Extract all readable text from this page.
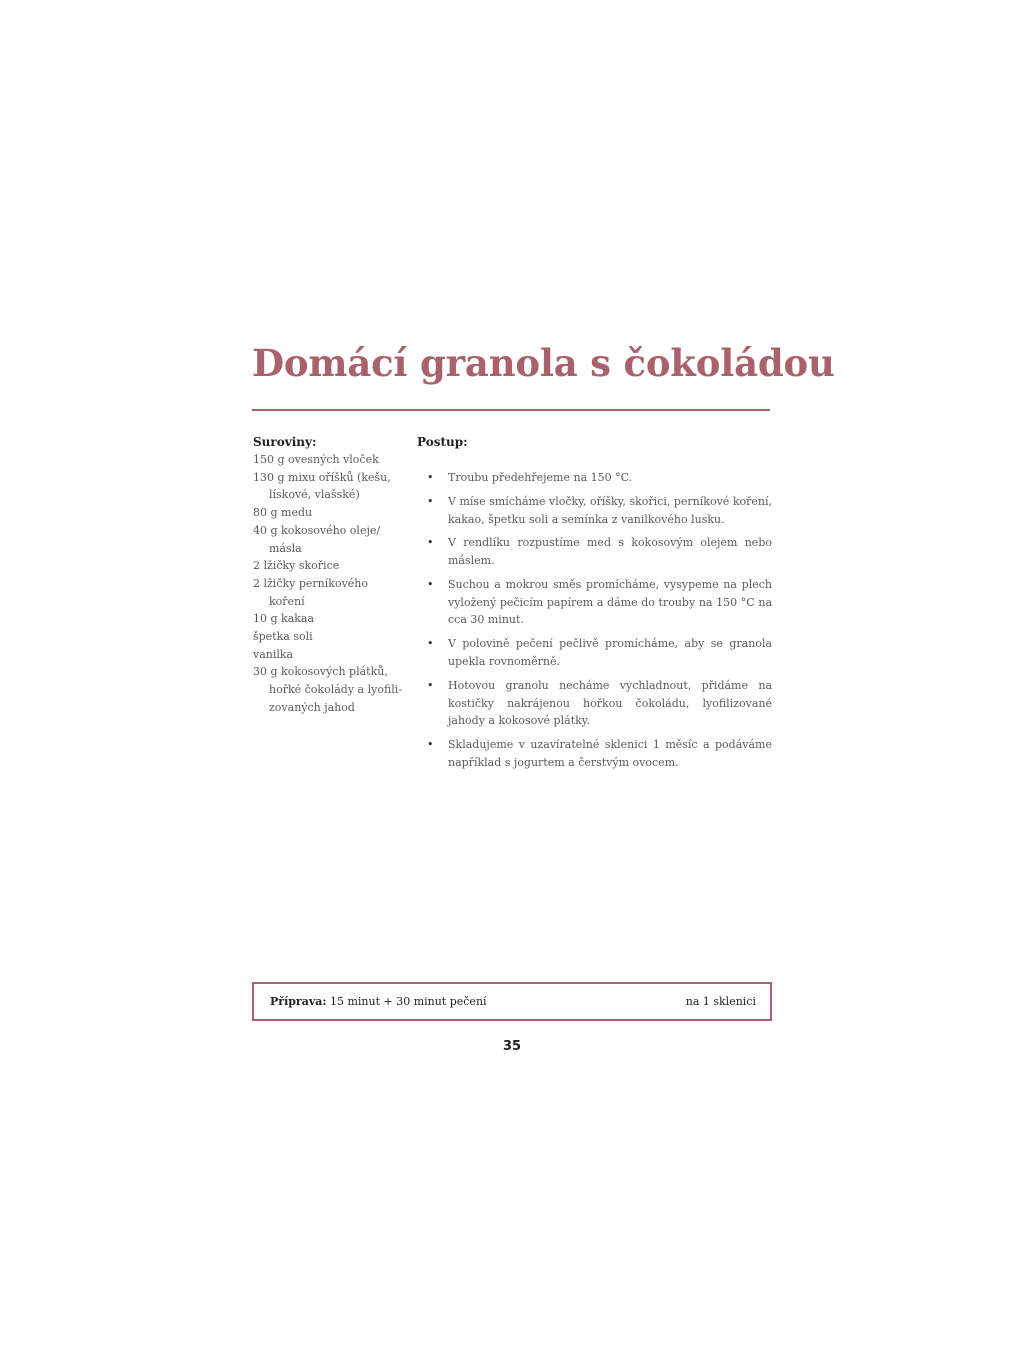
Domácí granola s čokoládou
Suroviny:
150 g ovesných vloček
130 g mixu oříšků (kešu, lískové, vlašské)
80 g medu
40 g kokosového oleje/ másla
2 lžičky skořice
2 lžičky perníkového koření
10 g kakaa
špetka soli
vanilka
30 g kokosových plátků, hořké čokolády a lyofilizovaných jahod
Postup:
• Troubu předehřejeme na 150 °C.
• V míse smícháme vločky, oříšky, skořici, perníkové koření, kakao, špetku soli a semínka z vanilkového lusku.
• V rendlíku rozpustíme med s kokosovým olejem nebo máslem.
• Suchou a mokrou směs promícháme, vysypeme na plech vyložený pečicím papírem a dáme do trouby na 150 °C na cca 30 minut.
• V polovině pečení pečlivě promícháme, aby se granola upekla rovnoměrně.
• Hotovou granolu necháme vychladnout, přidáme na kostičky nakrájenou hořkou čokoládu, lyofilizované jahody a kokosové plátky.
• Skladujeme v uzavíratelné sklenici 1 měsíc a podáváme například s jogurtem a čerstvým ovocem.
Příprava: 15 minut + 30 minut pečení	na 1 sklenici
35
